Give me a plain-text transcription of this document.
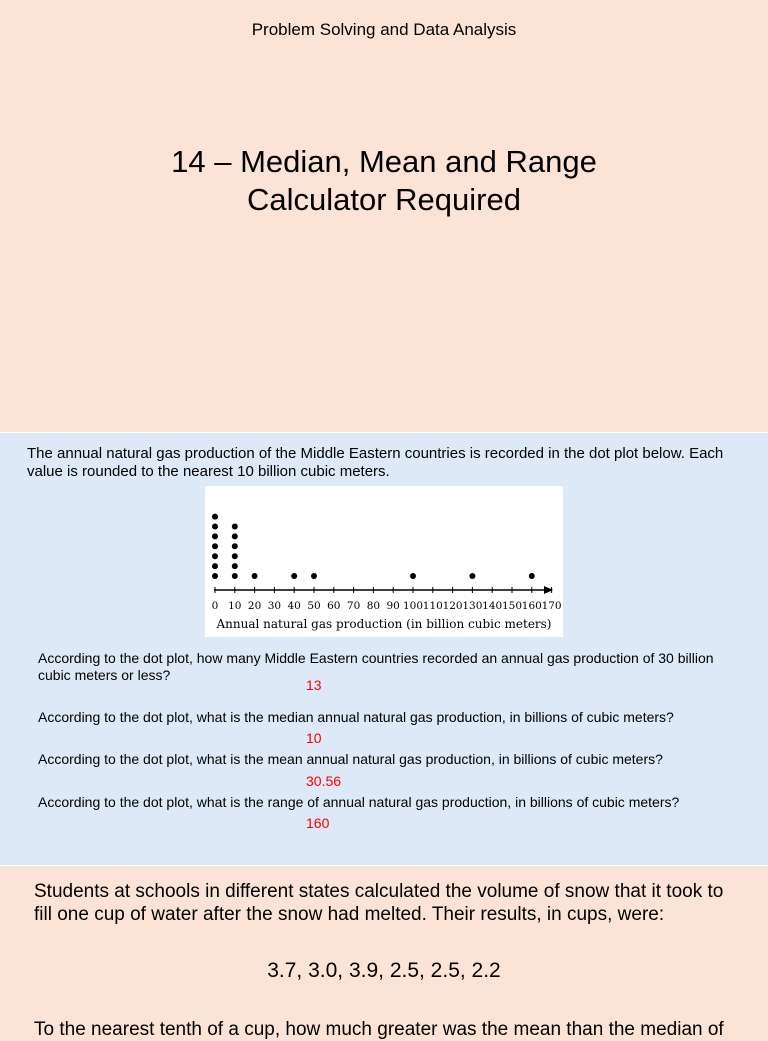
Problem Solving and Data Analysis
14 – Median, Mean and Range
Calculator Required
The annual natural gas production of the Middle Eastern countries is recorded in the dot plot below. Each value is rounded to the nearest 10 billion cubic meters.
0 10 20 30 40 50 60 70 80 90 100 110 120 130 140 150 160 170
Annual natural gas production (in billion cubic meters)
According to the dot plot, how many Middle Eastern countries recorded an annual gas production of 30 billion cubic meters or less?
13
According to the dot plot, what is the median annual natural gas production, in billions of cubic meters?
10
According to the dot plot, what is the mean annual natural gas production, in billions of cubic meters?
30.56
According to the dot plot, what is the range of annual natural gas production, in billions of cubic meters?
160
Students at schools in different states calculated the volume of snow that it took to fill one cup of water after the snow had melted. Their results, in cups, were:
3.7, 3.0, 3.9, 2.5, 2.5, 2.2
To the nearest tenth of a cup, how much greater was the mean than the median of
